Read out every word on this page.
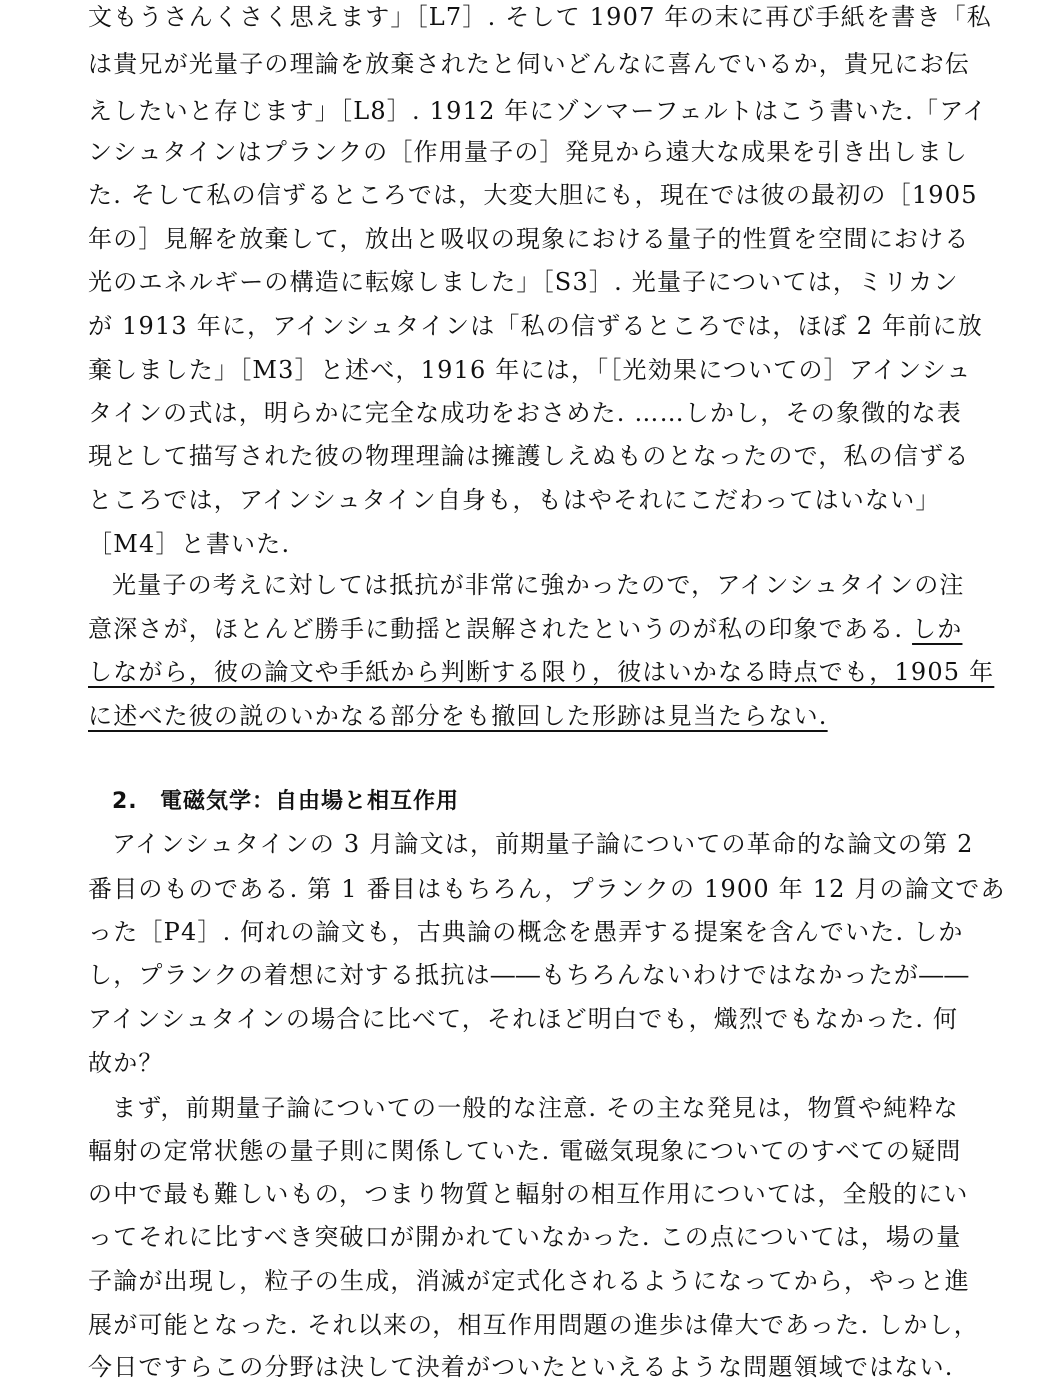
文もうさんくさく思えます」［L7］. そして 1907 年の末に再び手紙を書き「私
は貴兄が光量子の理論を放棄されたと伺いどんなに喜んでいるか，貴兄にお伝
えしたいと存じます」［L8］. 1912 年にゾンマーフェルトはこう書いた.「アイ
ンシュタインはプランクの［作用量子の］発見から遠大な成果を引き出しまし
た. そして私の信ずるところでは，大変大胆にも，現在では彼の最初の［1905
年の］見解を放棄して，放出と吸収の現象における量子的性質を空間における
光のエネルギーの構造に転嫁しました」［S3］. 光量子については，ミリカン
が 1913 年に，アインシュタインは「私の信ずるところでは，ほぼ 2 年前に放
棄しました」［M3］と述べ，1916 年には，「［光効果についての］アインシュ
タインの式は，明らかに完全な成功をおさめた. ……しかし，その象徴的な表
現として描写された彼の物理理論は擁護しえぬものとなったので，私の信ずる
ところでは，アインシュタイン自身も，もはやそれにこだわってはいない」
［M4］と書いた.
光量子の考えに対しては抵抗が非常に強かったので，アインシュタインの注
意深さが，ほとんど勝手に動揺と誤解されたというのが私の印象である. しか
しながら，彼の論文や手紙から判断する限り，彼はいかなる時点でも，1905 年
に述べた彼の説のいかなる部分をも撤回した形跡は見当たらない.
2. 電磁気学：自由場と相互作用
アインシュタインの 3 月論文は，前期量子論についての革命的な論文の第 2
番目のものである. 第 1 番目はもちろん，プランクの 1900 年 12 月の論文であ
った［P4］. 何れの論文も，古典論の概念を愚弄する提案を含んでいた. しか
し，プランクの着想に対する抵抗は――もちろんないわけではなかったが――
アインシュタインの場合に比べて，それほど明白でも，熾烈でもなかった. 何
故か？
まず，前期量子論についての一般的な注意. その主な発見は，物質や純粋な
輻射の定常状態の量子則に関係していた. 電磁気現象についてのすべての疑問
の中で最も難しいもの，つまり物質と輻射の相互作用については，全般的にい
ってそれに比すべき突破口が開かれていなかった. この点については，場の量
子論が出現し，粒子の生成，消滅が定式化されるようになってから，やっと進
展が可能となった. それ以来の，相互作用問題の進歩は偉大であった. しかし，
今日ですらこの分野は決して決着がついたといえるような問題領域ではない.
